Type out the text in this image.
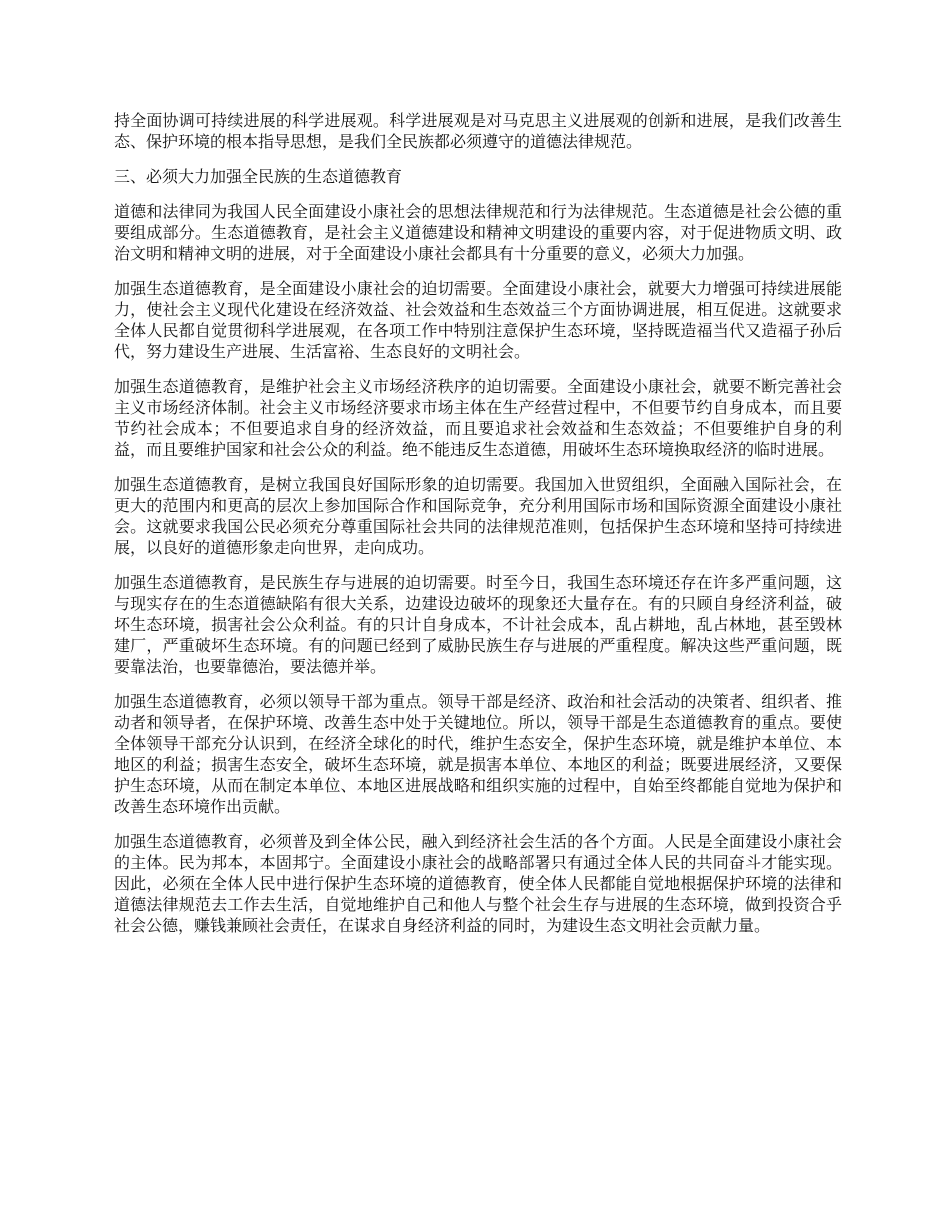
持全面协调可持续进展的科学进展观。科学进展观是对马克思主义进展观的创新和进展，是我们改善生态、保护环境的根本指导思想，是我们全民族都必须遵守的道德法律规范。

三、必须大力加强全民族的生态道德教育

道德和法律同为我国人民全面建设小康社会的思想法律规范和行为法律规范。生态道德是社会公德的重要组成部分。生态道德教育，是社会主义道德建设和精神文明建设的重要内容，对于促进物质文明、政治文明和精神文明的进展，对于全面建设小康社会都具有十分重要的意义，必须大力加强。

加强生态道德教育，是全面建设小康社会的迫切需要。全面建设小康社会，就要大力增强可持续进展能力，使社会主义现代化建设在经济效益、社会效益和生态效益三个方面协调进展，相互促进。这就要求全体人民都自觉贯彻科学进展观，在各项工作中特别注意保护生态环境，坚持既造福当代又造福子孙后代，努力建设生产进展、生活富裕、生态良好的文明社会。

加强生态道德教育，是维护社会主义市场经济秩序的迫切需要。全面建设小康社会，就要不断完善社会主义市场经济体制。社会主义市场经济要求市场主体在生产经营过程中，不但要节约自身成本，而且要节约社会成本；不但要追求自身的经济效益，而且要追求社会效益和生态效益；不但要维护自身的利益，而且要维护国家和社会公众的利益。绝不能违反生态道德，用破坏生态环境换取经济的临时进展。

加强生态道德教育，是树立我国良好国际形象的迫切需要。我国加入世贸组织，全面融入国际社会，在更大的范围内和更高的层次上参加国际合作和国际竞争，充分利用国际市场和国际资源全面建设小康社会。这就要求我国公民必须充分尊重国际社会共同的法律规范准则，包括保护生态环境和坚持可持续进展，以良好的道德形象走向世界，走向成功。

加强生态道德教育，是民族生存与进展的迫切需要。时至今日，我国生态环境还存在许多严重问题，这与现实存在的生态道德缺陷有很大关系，边建设边破坏的现象还大量存在。有的只顾自身经济利益，破坏生态环境，损害社会公众利益。有的只计自身成本，不计社会成本，乱占耕地，乱占林地，甚至毁林建厂，严重破坏生态环境。有的问题已经到了威胁民族生存与进展的严重程度。解决这些严重问题，既要靠法治，也要靠德治，要法德并举。

加强生态道德教育，必须以领导干部为重点。领导干部是经济、政治和社会活动的决策者、组织者、推动者和领导者，在保护环境、改善生态中处于关键地位。所以，领导干部是生态道德教育的重点。要使全体领导干部充分认识到，在经济全球化的时代，维护生态安全，保护生态环境，就是维护本单位、本地区的利益；损害生态安全，破坏生态环境，就是损害本单位、本地区的利益；既要进展经济，又要保护生态环境，从而在制定本单位、本地区进展战略和组织实施的过程中，自始至终都能自觉地为保护和改善生态环境作出贡献。

加强生态道德教育，必须普及到全体公民，融入到经济社会生活的各个方面。人民是全面建设小康社会的主体。民为邦本，本固邦宁。全面建设小康社会的战略部署只有通过全体人民的共同奋斗才能实现。因此，必须在全体人民中进行保护生态环境的道德教育，使全体人民都能自觉地根据保护环境的法律和道德法律规范去工作去生活，自觉地维护自己和他人与整个社会生存与进展的生态环境，做到投资合乎社会公德，赚钱兼顾社会责任，在谋求自身经济利益的同时，为建设生态文明社会贡献力量。
